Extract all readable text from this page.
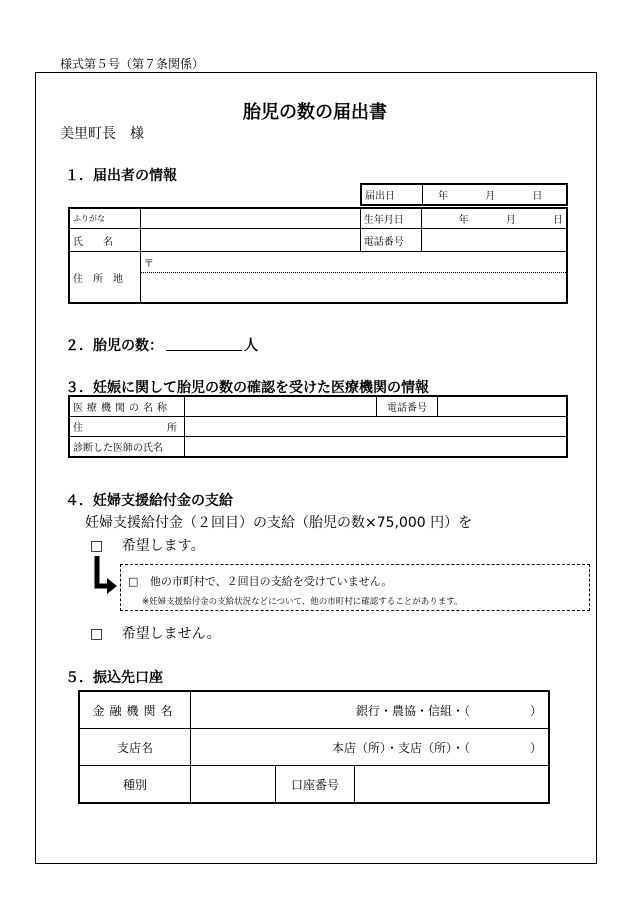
様式第５号（第７条関係）
胎児の数の届出書
美里町長　様
１．届出者の情報
届出日	年	月	日
ふりがな		生年月日	年 月 日
氏　　名		電話番号	
住　所　地	〒		

２．胎児の数：	人
３．妊娠に関して胎児の数の確認を受けた医療機関の情報
医療機関の名称		電話番号	
住 所			

診断した医師の氏名			
４．妊婦支援給付金の支給
妊婦支援給付金（２回目）の支給（胎児の数×75,000 円）を
□ 希望します。
□ 他の市町村で、２回目の支給を受けていません。
※妊婦支援給付金の支給状況などについて、他の市町村に確認することがあります。
□ 希望しません。
５．振込先口座
金融機関名	銀行・農協・信組・（　　　　　）		
支店名	本店（所）・支店（所）・（　　　　　）		
種別		口座番号	
